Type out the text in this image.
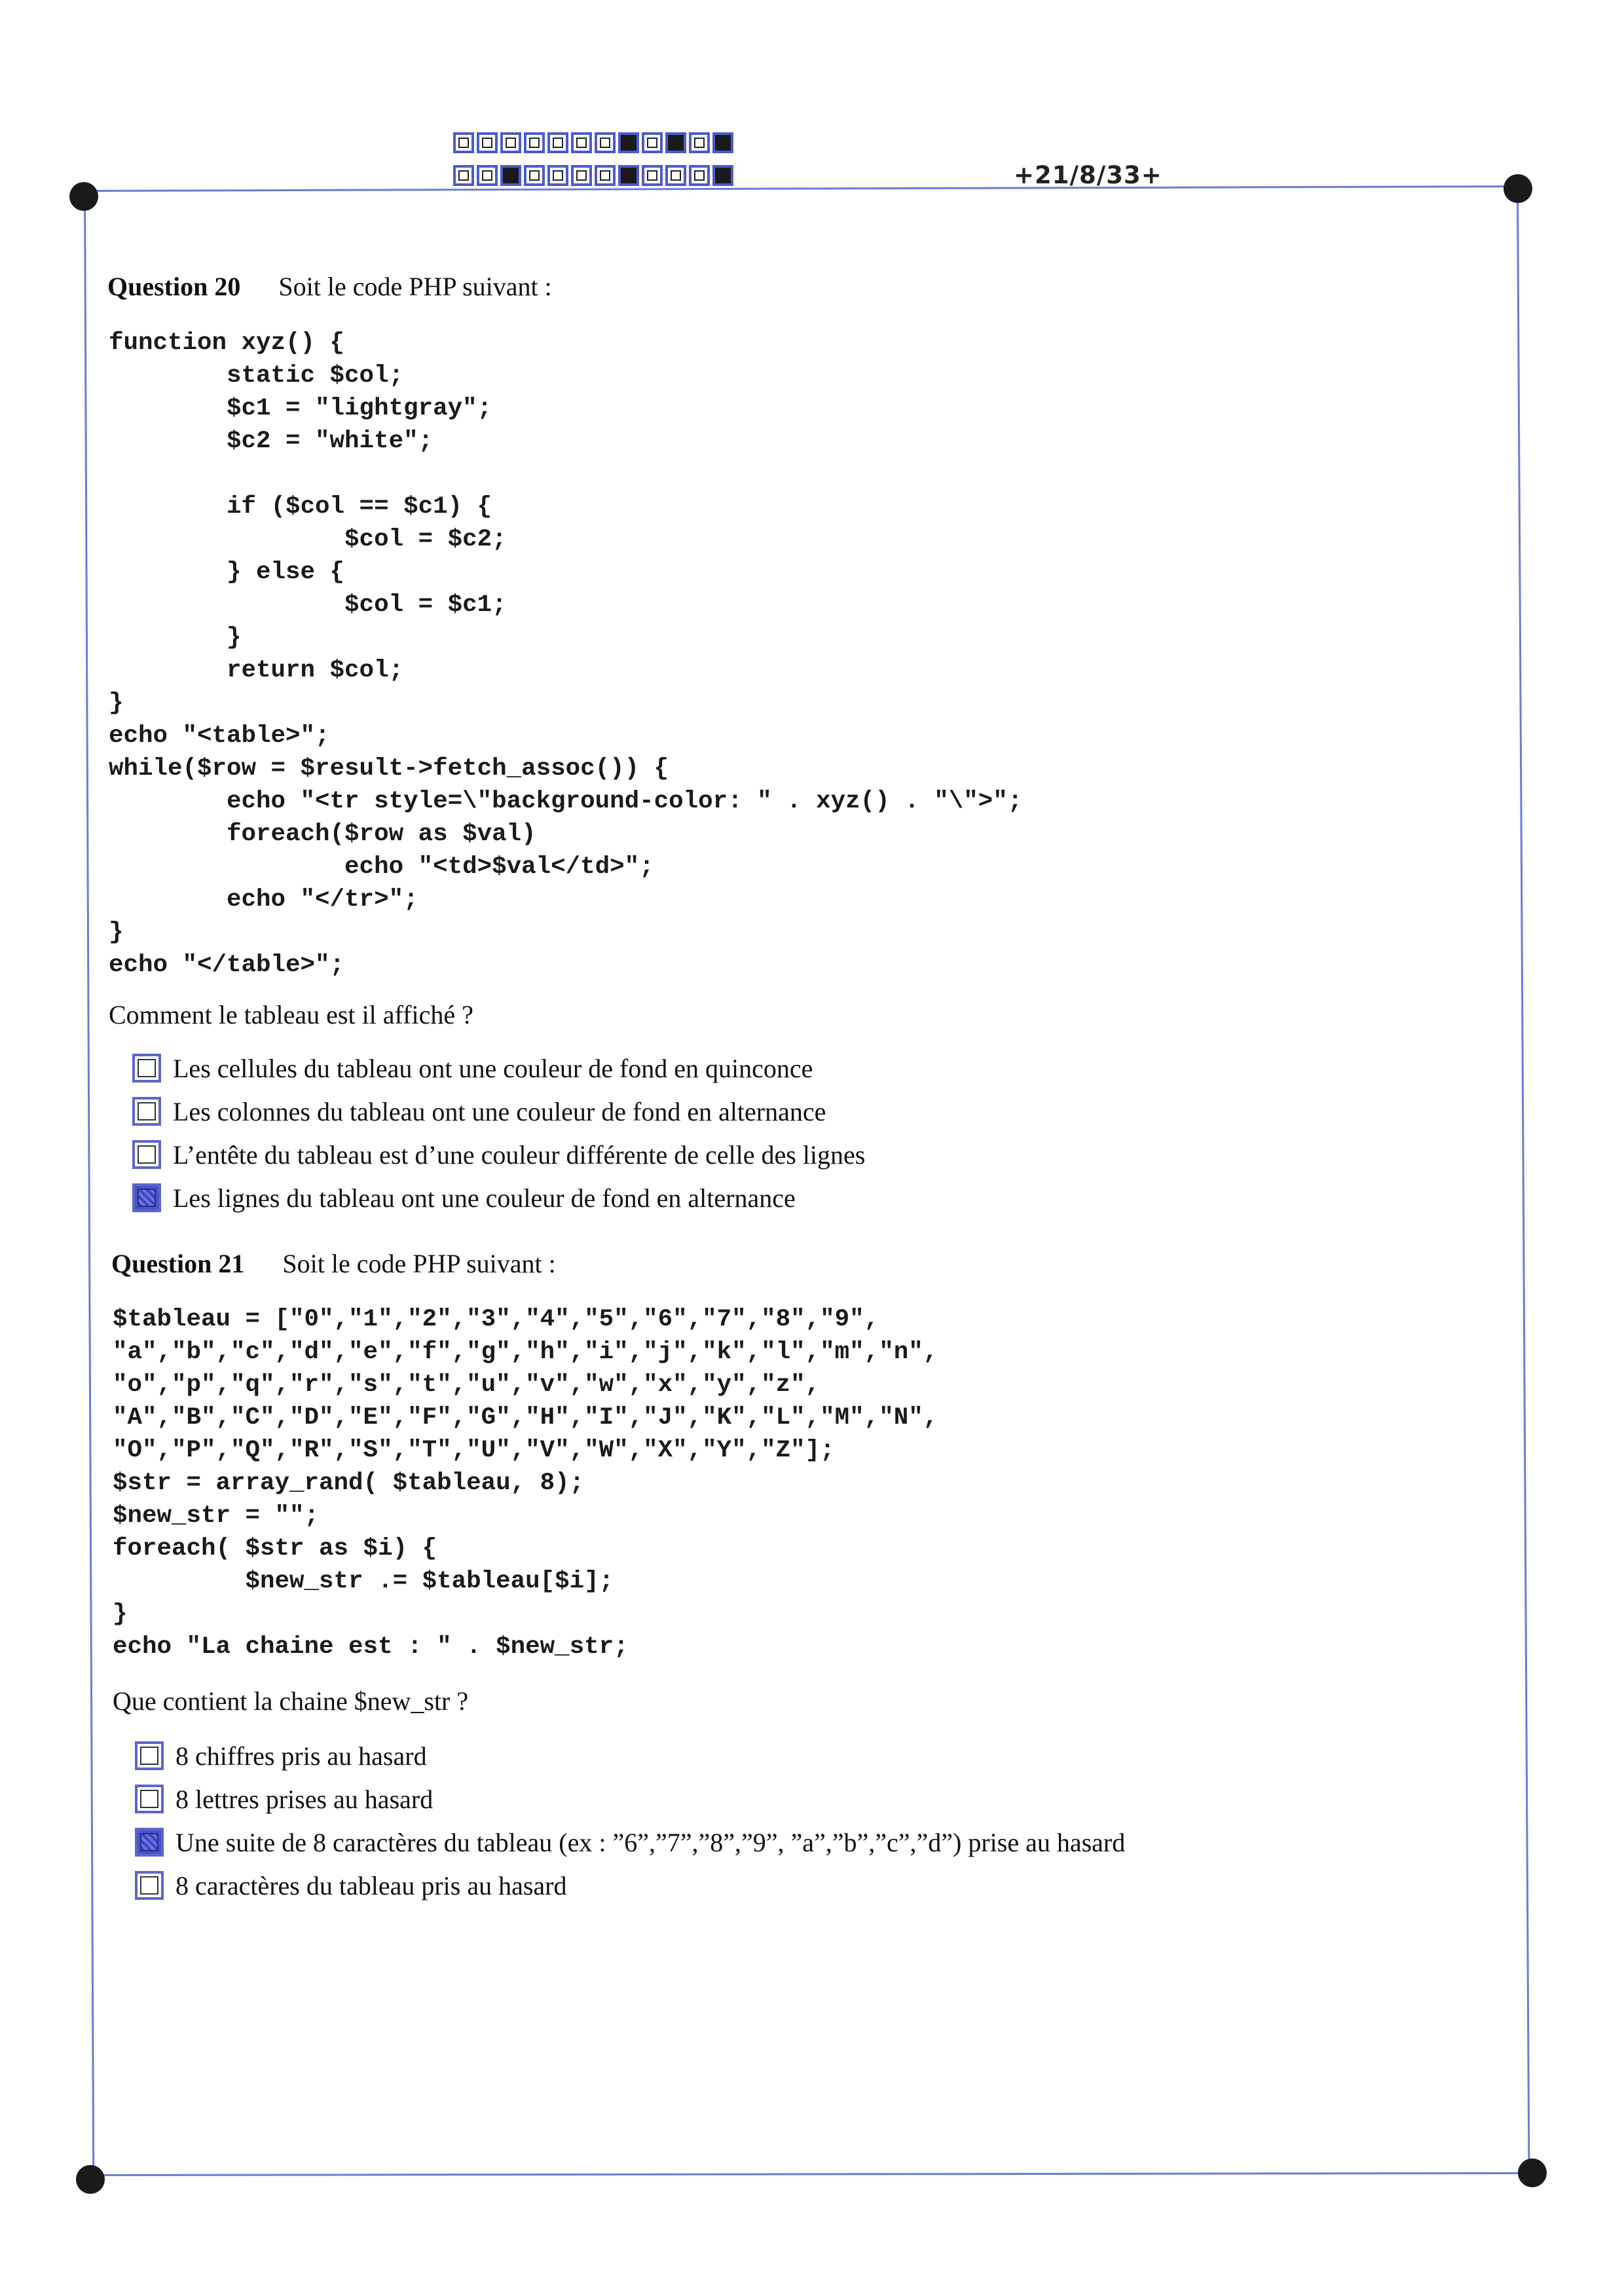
+21/8/33+
Question 20 Soit le code PHP suivant :
function xyz() {
static $col;
$c1 = "lightgray";
$c2 = "white";

if ($col == $c1) {
$col = $c2;
} else {
$col = $c1;
}
return $col;
}
echo "<table>";
while($row = $result->fetch_assoc()) {
echo "<tr style=\"background-color: " . xyz() . "\">";
foreach($row as $val)
echo "<td>$val</td>";
echo "</tr>";
}
echo "</table>";
Comment le tableau est il affiché ?
Les cellules du tableau ont une couleur de fond en quinconce
Les colonnes du tableau ont une couleur de fond en alternance
L’entête du tableau est d’une couleur différente de celle des lignes
Les lignes du tableau ont une couleur de fond en alternance
Question 21 Soit le code PHP suivant :
$tableau = ["0","1","2","3","4","5","6","7","8","9",
"a","b","c","d","e","f","g","h","i","j","k","l","m","n",
"o","p","q","r","s","t","u","v","w","x","y","z",
"A","B","C","D","E","F","G","H","I","J","K","L","M","N",
"O","P","Q","R","S","T","U","V","W","X","Y","Z"];
$str = array_rand( $tableau, 8);
$new_str = "";
foreach( $str as $i) {
$new_str .= $tableau[$i];
}
echo "La chaine est : " . $new_str;
Que contient la chaine $new_str ?
8 chiffres pris au hasard
8 lettres prises au hasard
Une suite de 8 caractères du tableau (ex : ”6”,”7”,”8”,”9”, ”a”,”b”,”c”,”d”) prise au hasard
8 caractères du tableau pris au hasard
